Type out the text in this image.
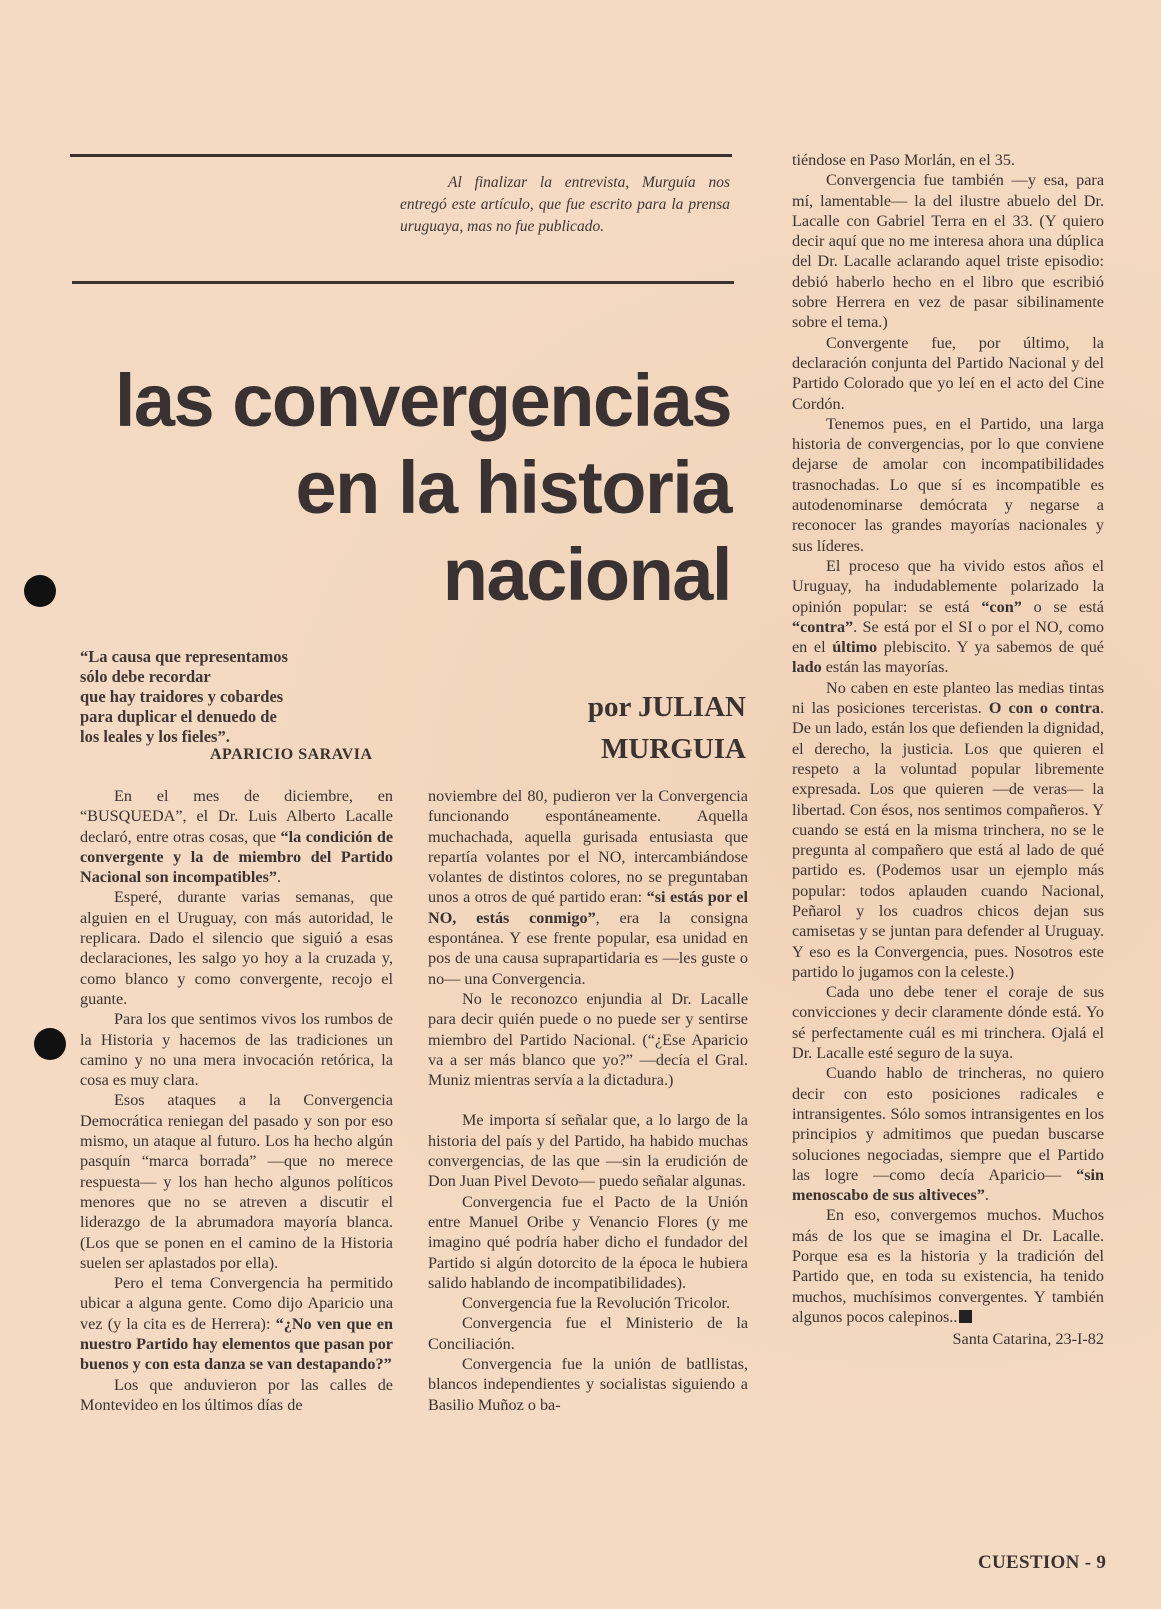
Al finalizar la entrevista, Murguía nos entregó este artículo, que fue escrito para la prensa uruguaya, mas no fue publicado.
las convergencias
en la historia
nacional
“La causa que representamos
sólo debe recordar
que hay traidores y cobardes
para duplicar el denuedo de
los leales y los fieles”.
APARICIO SARAVIA
por JULIAN
MURGUIA

En el mes de diciembre, en “BUSQUEDA”, el Dr. Luis Alberto Lacalle declaró, entre otras cosas, que “la condición de convergente y la de miembro del Partido Nacional son incompatibles”.

Esperé, durante varias semanas, que alguien en el Uruguay, con más autoridad, le replicara. Dado el silencio que siguió a esas declaraciones, les salgo yo hoy a la cruzada y, como blanco y como convergente, recojo el guante.

Para los que sentimos vivos los rumbos de la Historia y hacemos de las tradiciones un camino y no una mera invocación retórica, la cosa es muy clara.

Esos ataques a la Convergencia Democrática reniegan del pasado y son por eso mismo, un ataque al futuro. Los ha hecho algún pasquín “marca borrada” —que no merece respuesta— y los han hecho algunos políticos menores que no se atreven a discutir el liderazgo de la abrumadora mayoría blanca. (Los que se ponen en el camino de la Historia suelen ser aplastados por ella).

Pero el tema Convergencia ha permitido ubicar a alguna gente. Como dijo Aparicio una vez (y la cita es de Herrera): “¿No ven que en nuestro Partido hay elementos que pasan por buenos y con esta danza se van destapando?”

Los que anduvieron por las calles de Montevideo en los últimos días de

noviembre del 80, pudieron ver la Convergencia funcionando espontáneamente. Aquella muchachada, aquella gurisada entusiasta que repartía volantes por el NO, intercambiándose volantes de distintos colores, no se preguntaban unos a otros de qué partido eran: “si estás por el NO, estás conmigo”, era la consigna espontánea. Y ese frente popular, esa unidad en pos de una causa suprapartidaria es —les guste o no— una Convergencia.

No le reconozco enjundia al Dr. Lacalle para decir quién puede o no puede ser y sentirse miembro del Partido Nacional. (“¿Ese Aparicio va a ser más blanco que yo?” —decía el Gral. Muniz mientras servía a la dictadura.)

Me importa sí señalar que, a lo largo de la historia del país y del Partido, ha habido muchas convergencias, de las que —sin la erudición de Don Juan Pivel Devoto— puedo señalar algunas.

Convergencia fue el Pacto de la Unión entre Manuel Oribe y Venancio Flores (y me imagino qué podría haber dicho el fundador del Partido si algún dotorcito de la época le hubiera salido hablando de incompatibilidades).

Convergencia fue la Revolución Tricolor.

Convergencia fue el Ministerio de la Conciliación.

Convergencia fue la unión de batllistas, blancos independientes y socialistas siguiendo a Basilio Muñoz o ba-

tiéndose en Paso Morlán, en el 35.

Convergencia fue también —y esa, para mí, lamentable— la del ilustre abuelo del Dr. Lacalle con Gabriel Terra en el 33. (Y quiero decir aquí que no me interesa ahora una dúplica del Dr. Lacalle aclarando aquel triste episodio: debió haberlo hecho en el libro que escribió sobre Herrera en vez de pasar sibilinamente sobre el tema.)

Convergente fue, por último, la declaración conjunta del Partido Nacional y del Partido Colorado que yo leí en el acto del Cine Cordón.

Tenemos pues, en el Partido, una larga historia de convergencias, por lo que conviene dejarse de amolar con incompatibilidades trasnochadas. Lo que sí es incompatible es autodenominarse demócrata y negarse a reconocer las grandes mayorías nacionales y sus líderes.

El proceso que ha vivido estos años el Uruguay, ha indudablemente polarizado la opinión popular: se está “con” o se está “contra”. Se está por el SI o por el NO, como en el último plebiscito. Y ya sabemos de qué lado están las mayorías.

No caben en este planteo las medias tintas ni las posiciones terceristas. O con o contra. De un lado, están los que defienden la dignidad, el derecho, la justicia. Los que quieren el respeto a la voluntad popular libremente expresada. Los que quieren —de veras— la libertad. Con ésos, nos sentimos compañeros. Y cuando se está en la misma trinchera, no se le pregunta al compañero que está al lado de qué partido es. (Podemos usar un ejemplo más popular: todos aplauden cuando Nacional, Peñarol y los cuadros chicos dejan sus camisetas y se juntan para defender al Uruguay. Y eso es la Convergencia, pues. Nosotros este partido lo jugamos con la celeste.)

Cada uno debe tener el coraje de sus convicciones y decir claramente dónde está. Yo sé perfectamente cuál es mi trinchera. Ojalá el Dr. Lacalle esté seguro de la suya.

Cuando hablo de trincheras, no quiero decir con esto posiciones radicales e intransigentes. Sólo somos intransigentes en los principios y admitimos que puedan buscarse soluciones negociadas, siempre que el Partido las logre —como decía Aparicio— “sin menoscabo de sus altiveces”.

En eso, convergemos muchos. Muchos más de los que se imagina el Dr. Lacalle. Porque esa es la historia y la tradición del Partido que, en toda su existencia, ha tenido muchos, muchísimos convergentes. Y también algunos pocos calepinos..

Santa Catarina, 23-I-82
CUESTION - 9
